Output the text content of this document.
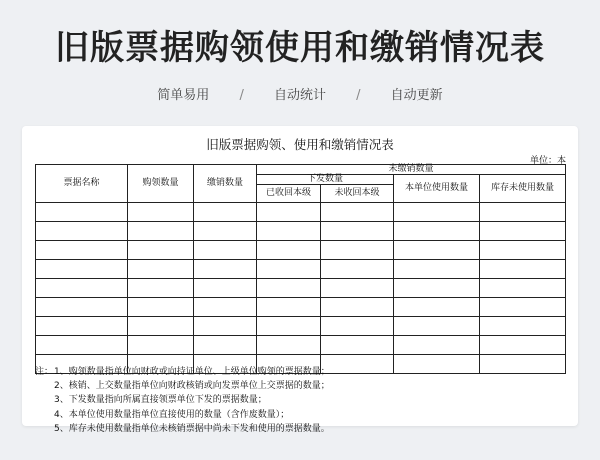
旧版票据购领使用和缴销情况表
简单易用 / 自动统计 / 自动更新
旧版票据购领、使用和缴销情况表
单位：本
票据名称	购领数量	缴销数量	未缴销数量			
			下发数量		本单位使用数量	库存未使用数量
			已收回本级	未收回本级		

注：1、购领数量指单位向财政或向持证单位、上级单位购领的票据数量；
2、核销、上交数量指单位向财政核销或向发票单位上交票据的数量；
3、下发数量指向所属直接领票单位下发的票据数量；
4、本单位使用数量指单位直接使用的数量（含作废数量）；
5、库存未使用数量指单位未核销票据中尚未下发和使用的票据数量。
